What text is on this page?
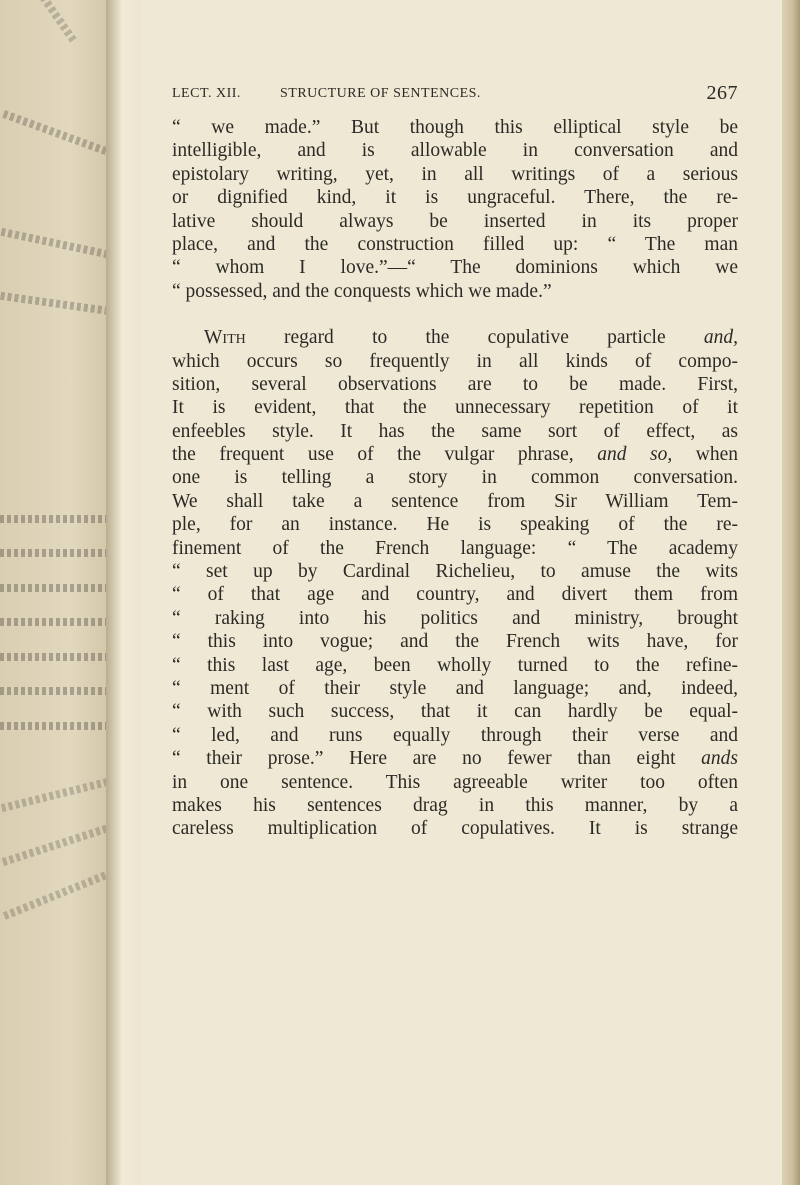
LECT. XII.	STRUCTURE OF SENTENCES.	267
“ we made.” But though this elliptical style be
intelligible, and is allowable in conversation and
epistolary writing, yet, in all writings of a serious
or dignified kind, it is ungraceful. There, the re-
lative should always be inserted in its proper
place, and the construction filled up: “ The man
“ whom I love.”—“ The dominions which we
“ possessed, and the conquests which we made.”
With regard to the copulative particle and,
which occurs so frequently in all kinds of compo-
sition, several observations are to be made. First,
It is evident, that the unnecessary repetition of it
enfeebles style. It has the same sort of effect, as
the frequent use of the vulgar phrase, and so, when
one is telling a story in common conversation.
We shall take a sentence from Sir William Tem-
ple, for an instance. He is speaking of the re-
finement of the French language: “ The academy
“ set up by Cardinal Richelieu, to amuse the wits
“ of that age and country, and divert them from
“ raking into his politics and ministry, brought
“ this into vogue; and the French wits have, for
“ this last age, been wholly turned to the refine-
“ ment of their style and language; and, indeed,
“ with such success, that it can hardly be equal-
“ led, and runs equally through their verse and
“ their prose.” Here are no fewer than eight ands
in one sentence. This agreeable writer too often
makes his sentences drag in this manner, by a
careless multiplication of copulatives. It is strange
